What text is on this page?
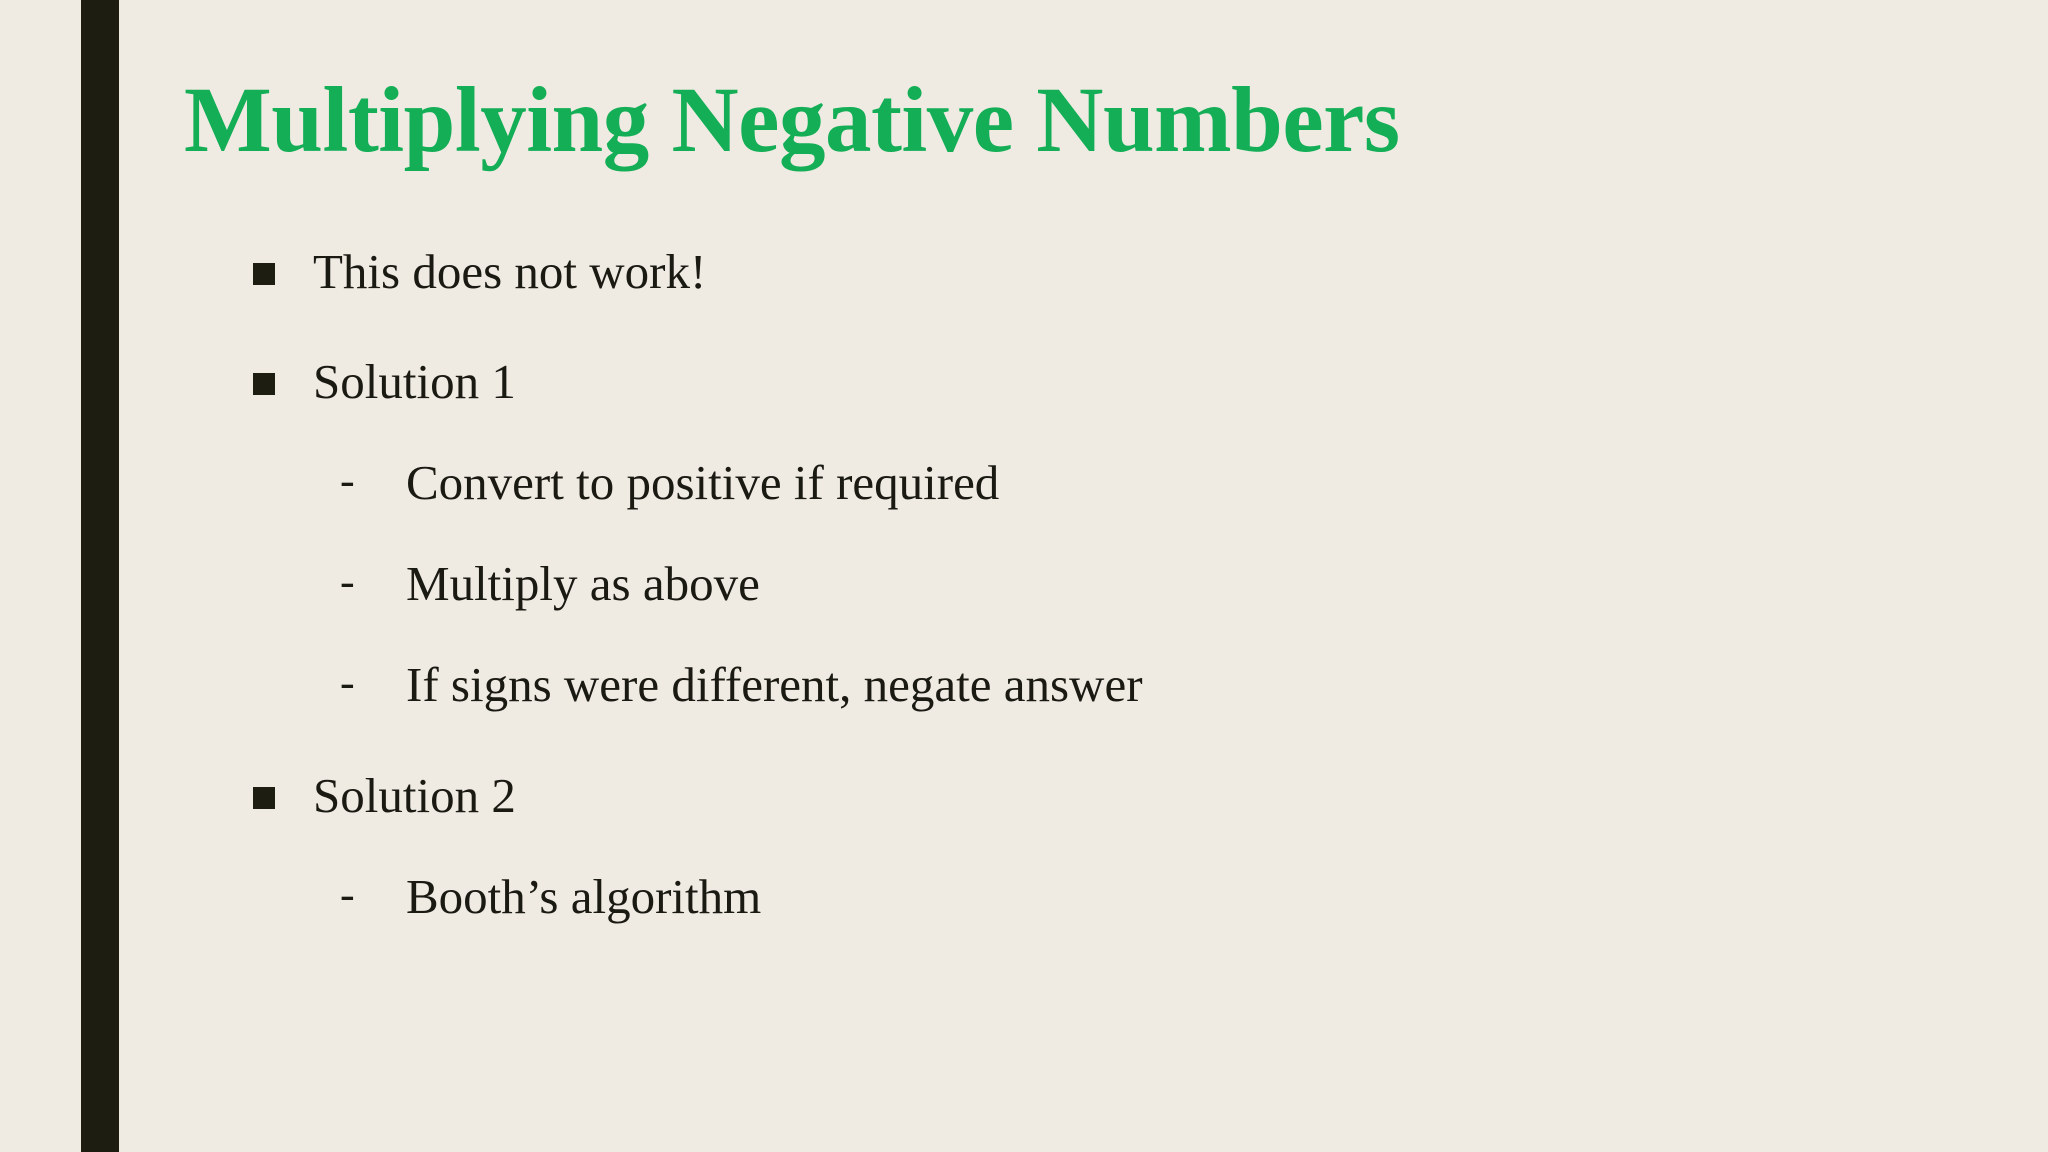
Multiplying Negative Numbers
This does not work!
Solution 1
- Convert to positive if required
- Multiply as above
- If signs were different, negate answer
Solution 2
- Booth’s algorithm
